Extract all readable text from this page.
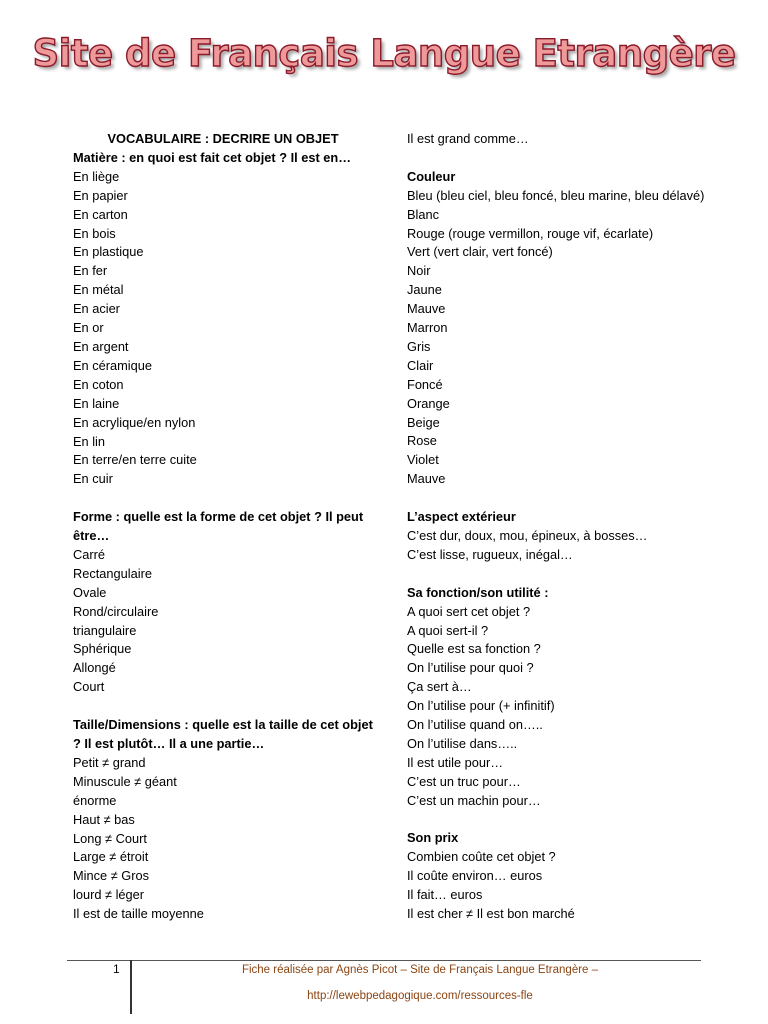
Site de Français Langue Etrangère
VOCABULAIRE : DECRIRE UN OBJET
Matière : en quoi est fait cet objet ? Il est en…
En liège
En papier
En carton
En bois
En plastique
En fer
En métal
En acier
En or
En argent
En céramique
En coton
En laine
En acrylique/en nylon
En lin
En terre/en terre cuite
En cuir
Forme : quelle est la forme de cet objet ? Il peut être…
Carré
Rectangulaire
Ovale
Rond/circulaire
triangulaire
Sphérique
Allongé
Court
Taille/Dimensions : quelle est la taille de cet objet ? Il est plutôt… Il a une partie…
Petit ≠ grand
Minuscule ≠ géant
énorme
Haut ≠ bas
Long ≠ Court
Large ≠ étroit
Mince ≠ Gros
lourd ≠ léger
Il est de taille moyenne
Il est grand comme…
Couleur
Bleu (bleu ciel, bleu foncé, bleu marine, bleu délavé)
Blanc
Rouge (rouge vermillon, rouge vif, écarlate)
Vert (vert clair, vert foncé)
Noir
Jaune
Mauve
Marron
Gris
Clair
Foncé
Orange
Beige
Rose
Violet
Mauve
L’aspect extérieur
C’est dur, doux, mou, épineux, à bosses…
C’est lisse, rugueux, inégal…
Sa fonction/son utilité :
A quoi sert cet objet ?
A quoi sert-il ?
Quelle est sa fonction ?
On l’utilise pour quoi ?
Ça sert à…
On l’utilise pour (+ infinitif)
On l’utilise quand on…..
On l’utilise dans…..
Il est utile pour…
C’est un truc pour…
C’est un machin pour…
Son prix
Combien coûte cet objet ?
Il coûte environ… euros
Il fait… euros
Il est cher ≠ Il est bon marché
1	Fiche réalisée par Agnès Picot – Site de Français Langue Etrangère –
http://lewebpedagogique.com/ressources-fle
